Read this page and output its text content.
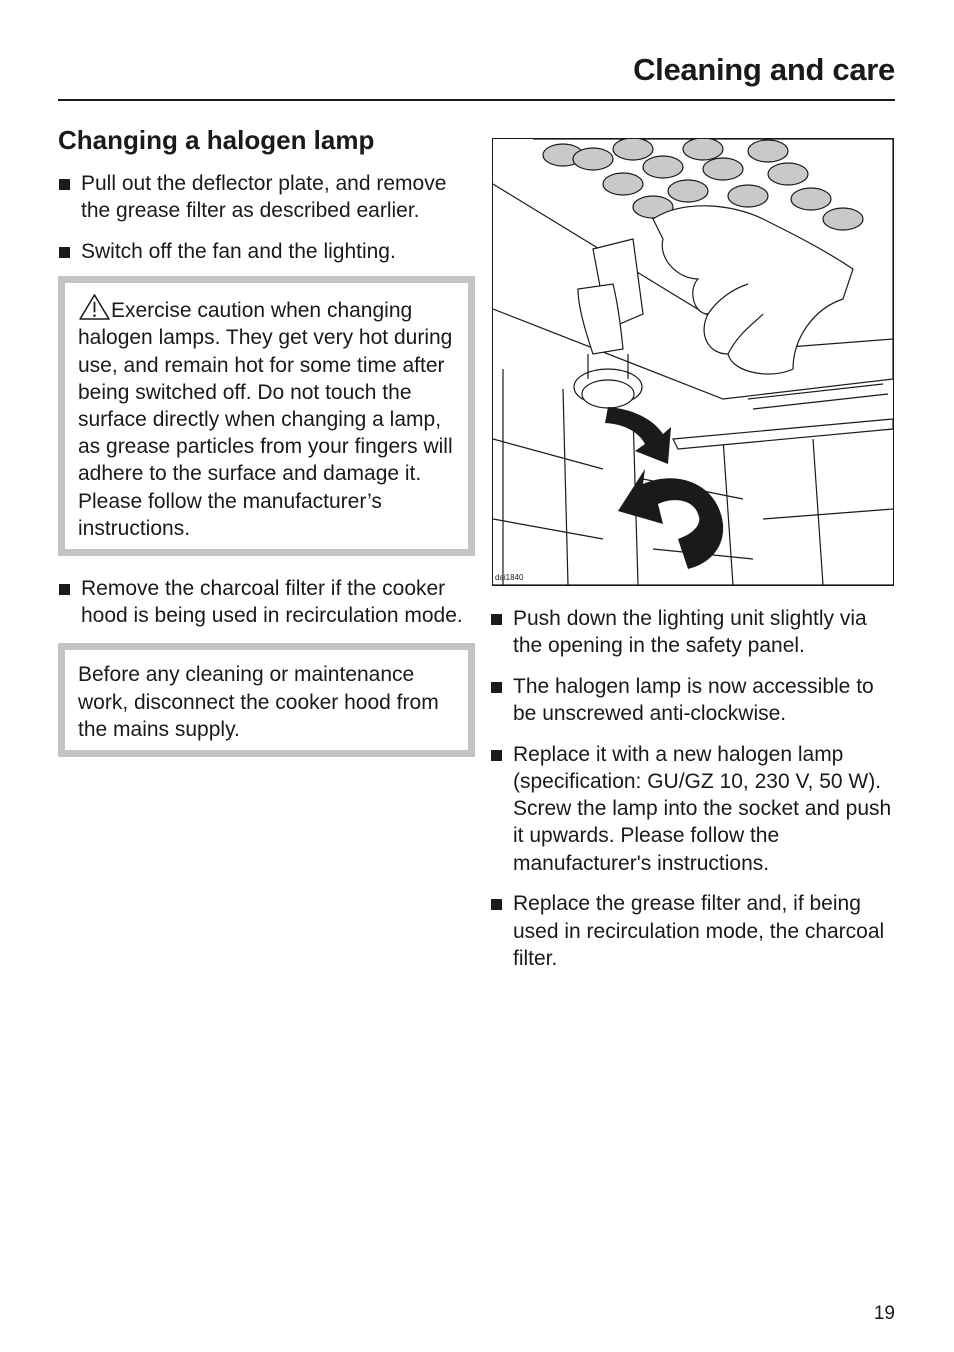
Cleaning and care
Changing a halogen lamp
Pull out the deflector plate, and remove the grease filter as described earlier.
Switch off the fan and the lighting.
Exercise caution when changing halogen lamps. They get very hot during use, and remain hot for some time after being switched off. Do not touch the surface directly when changing a lamp, as grease particles from your fingers will adhere to the surface and damage it. Please follow the manufacturer’s instructions.
Remove the charcoal filter if the cooker hood is being used in recirculation mode.
Before any cleaning or maintenance work, disconnect the cooker hood from the mains supply.
dai1840
Push down the lighting unit slightly via the opening in the safety panel.
The halogen lamp is now accessible to be unscrewed anti-clockwise.
Replace it with a new halogen lamp (specification: GU/GZ 10, 230 V, 50 W). Screw the lamp into the socket and push it upwards. Please follow the manufacturer's instructions.
Replace the grease filter and, if being used in recirculation mode, the charcoal filter.
19
